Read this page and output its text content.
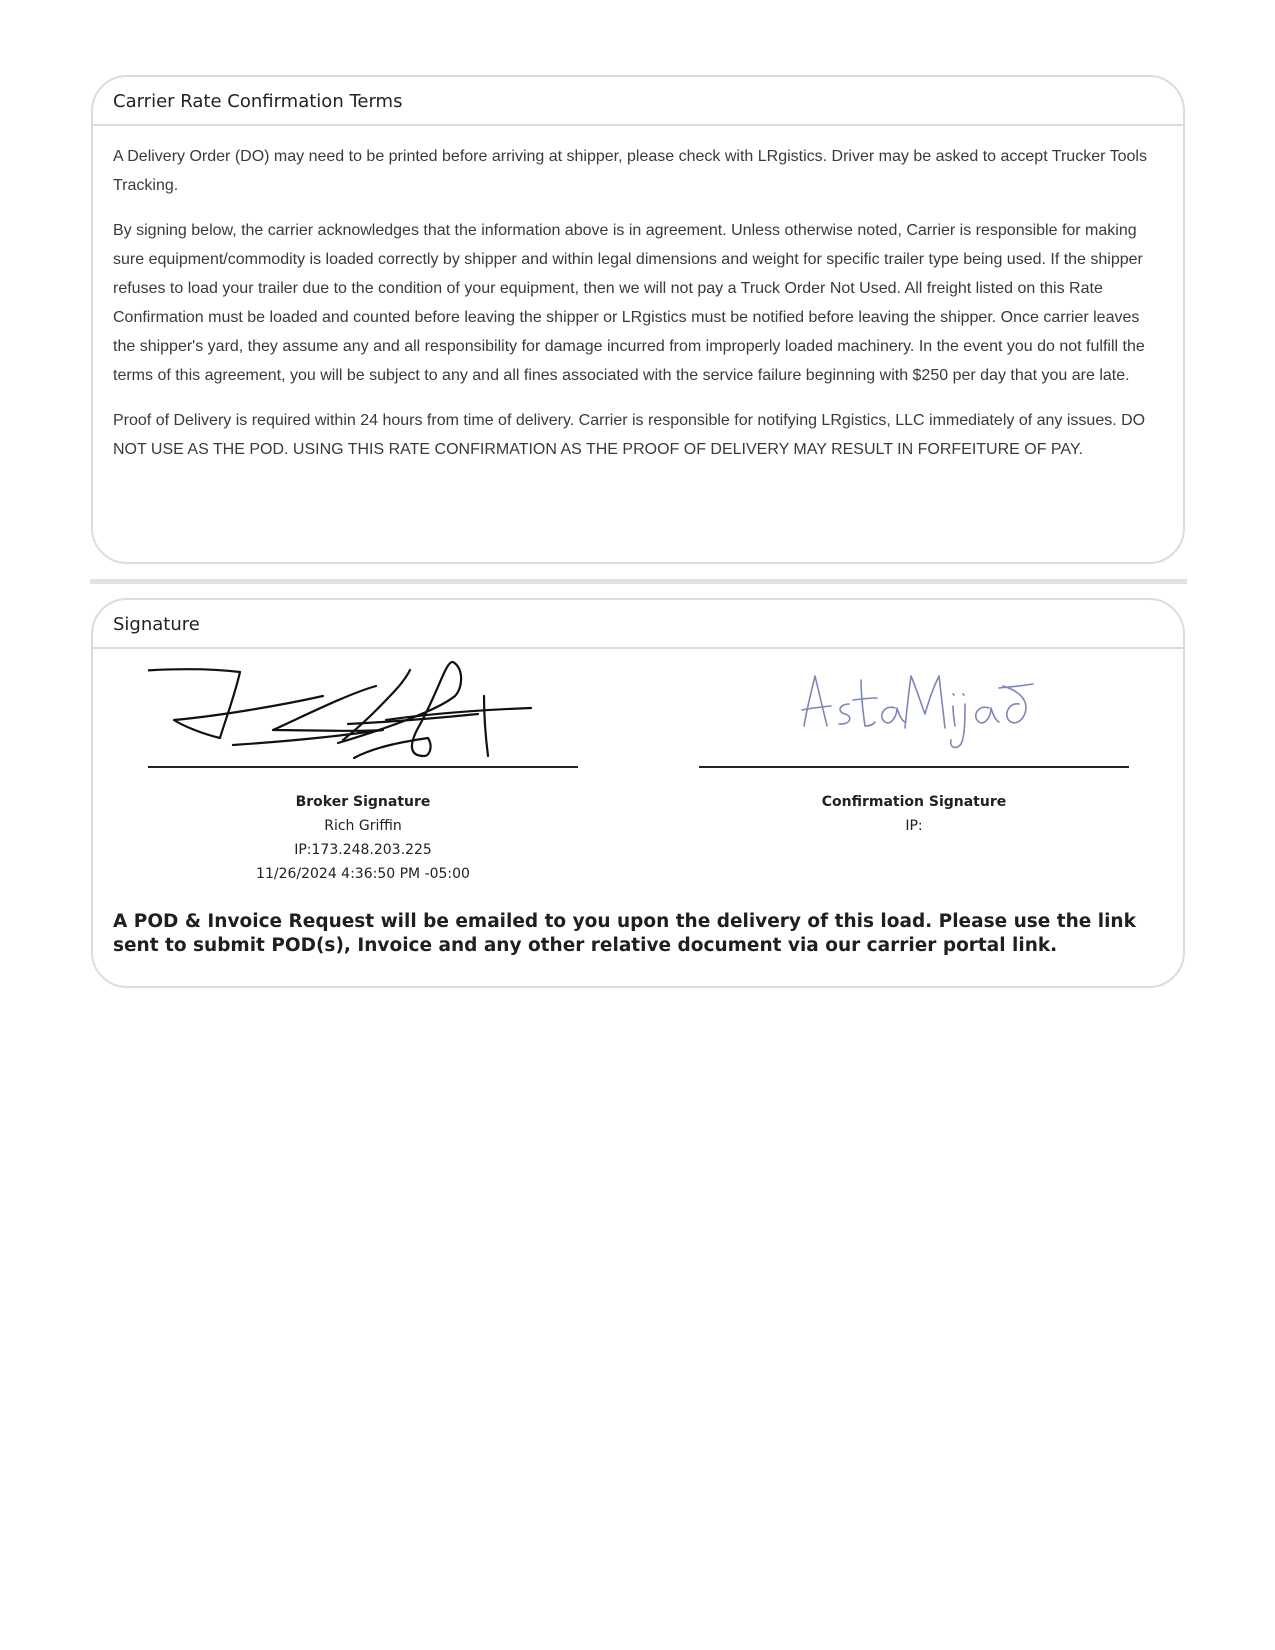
Carrier Rate Confirmation Terms

A Delivery Order (DO) may need to be printed before arriving at shipper, please check with LRgistics. Driver may be asked to accept Trucker Tools Tracking.

By signing below, the carrier acknowledges that the information above is in agreement. Unless otherwise noted, Carrier is responsible for making sure equipment/commodity is loaded correctly by shipper and within legal dimensions and weight for specific trailer type being used. If the shipper refuses to load your trailer due to the condition of your equipment, then we will not pay a Truck Order Not Used. All freight listed on this Rate Confirmation must be loaded and counted before leaving the shipper or LRgistics must be notified before leaving the shipper. Once carrier leaves the shipper's yard, they assume any and all responsibility for damage incurred from improperly loaded machinery. In the event you do not fulfill the terms of this agreement, you will be subject to any and all fines associated with the service failure beginning with $250 per day that you are late.

Proof of Delivery is required within 24 hours from time of delivery. Carrier is responsible for notifying LRgistics, LLC immediately of any issues. DO NOT USE AS THE POD. USING THIS RATE CONFIRMATION AS THE PROOF OF DELIVERY MAY RESULT IN FORFEITURE OF PAY.

Signature
Broker Signature
Rich Griffin
IP:173.248.203.225
11/26/2024 4:36:50 PM -05:00
Confirmation Signature
IP:
A POD & Invoice Request will be emailed to you upon the delivery of this load. Please use the link sent to submit POD(s), Invoice and any other relative document via our carrier portal link.
